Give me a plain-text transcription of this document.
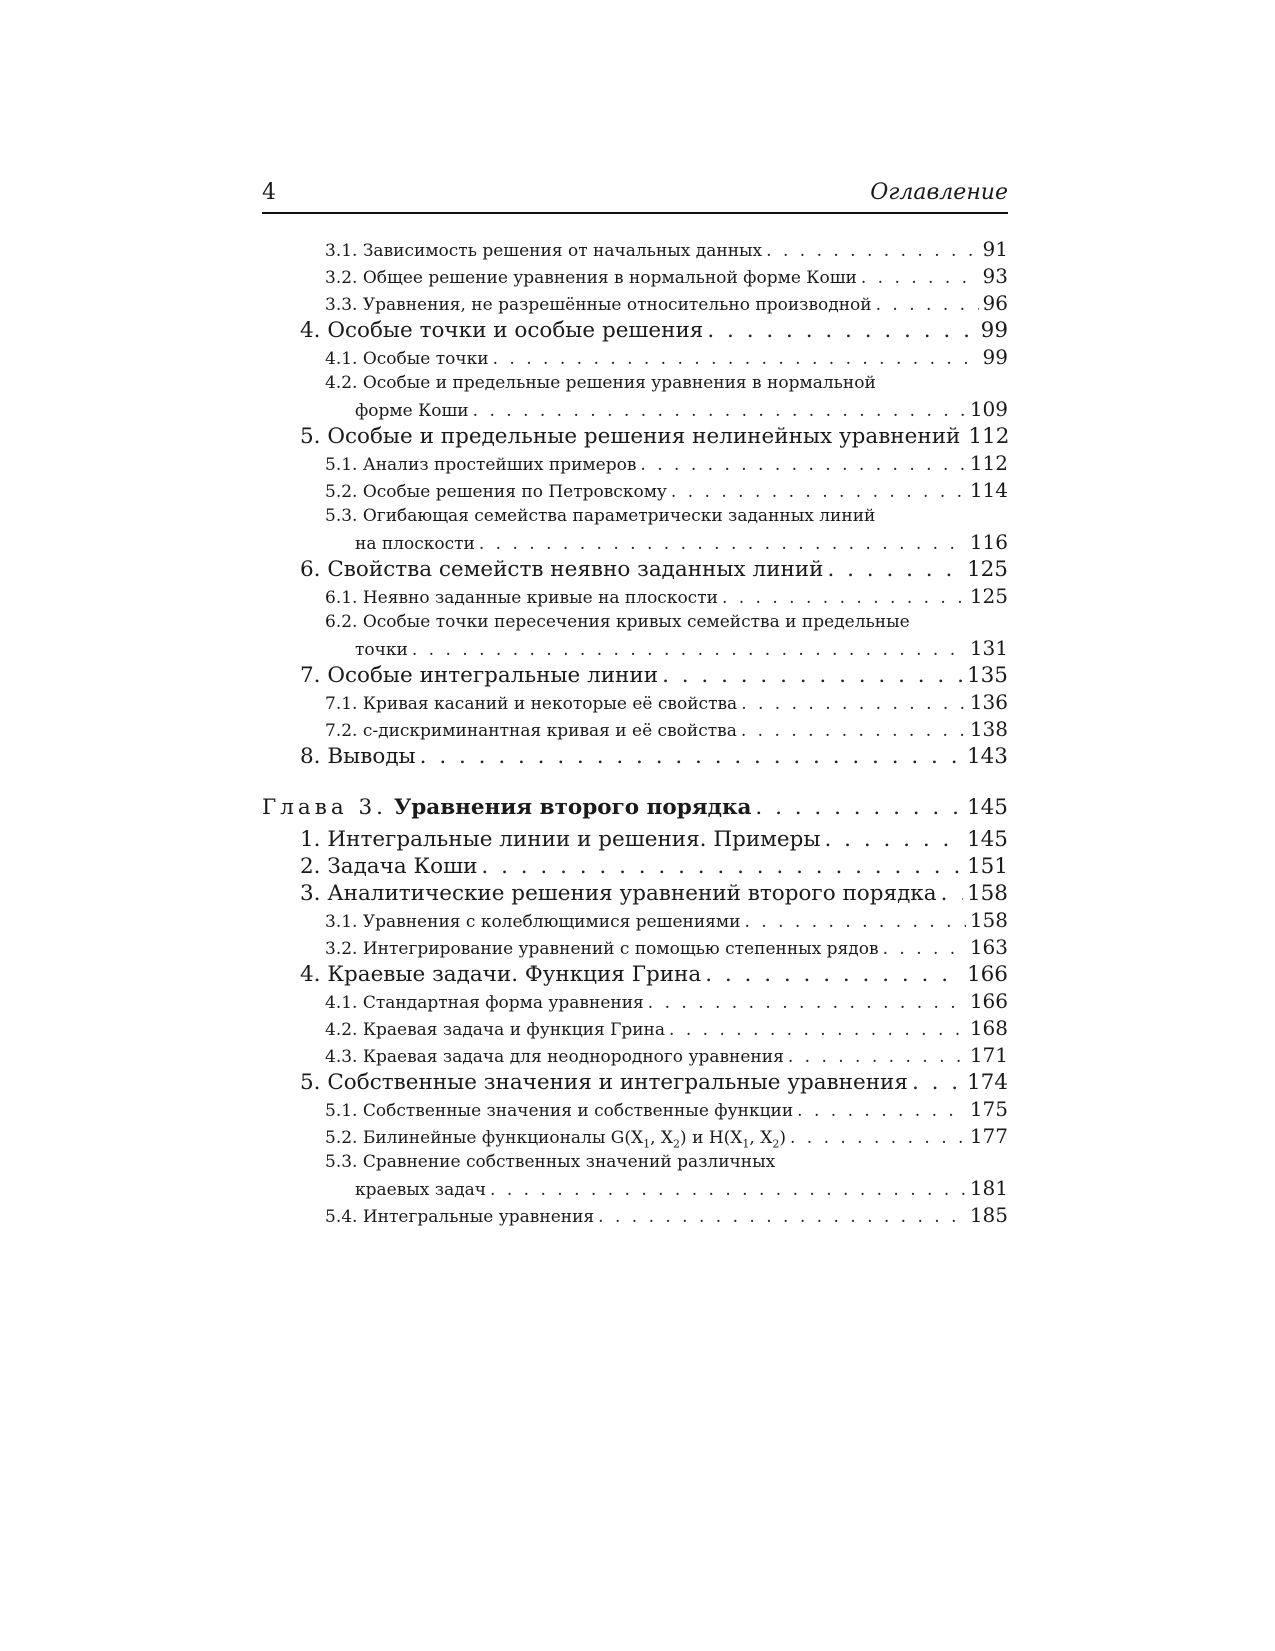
4	Оглавление
3.1. Зависимость решения от начальных данных . . .	91
3.2. Общее решение уравнения в нормальной форме Коши . . .	93
3.3. Уравнения, не разрешённые относительно производной . . .	96
4. Особые точки и особые решения . . .	99
4.1. Особые точки . . .	99
4.2. Особые и предельные решения уравнения в нормальной
форме Коши . . .	109
5. Особые и предельные решения нелинейных уравнений 112
5.1. Анализ простейших примеров . . .	112
5.2. Особые решения по Петровскому . . .	114
5.3. Огибающая семейства параметрически заданных линий
на плоскости . . .	116
6. Свойства семейств неявно заданных линий . . .	125
6.1. Неявно заданные кривые на плоскости . . .	125
6.2. Особые точки пересечения кривых семейства и предельные
точки . . .	131
7. Особые интегральные линии . . .	135
7.1. Кривая касаний и некоторые её свойства . . .	136
7.2. c-дискриминантная кривая и её свойства . . .	138
8. Выводы . . .	143
Глава 3. Уравнения второго порядка . . .	145
1. Интегральные линии и решения. Примеры . . .	145
2. Задача Коши . . .	151
3. Аналитические решения уравнений второго порядка . . . 158
3.1. Уравнения с колеблющимися решениями . . .	158
3.2. Интегрирование уравнений с помощью степенных рядов . . .	163
4. Краевые задачи. Функция Грина . . .	166
4.1. Стандартная форма уравнения . . .	166
4.2. Краевая задача и функция Грина . . .	168
4.3. Краевая задача для неоднородного уравнения . . .	171
5. Собственные значения и интегральные уравнения . . .	174
5.1. Собственные значения и собственные функции . . .	175
5.2. Билинейные функционалы $G(X_1$, $X_2$) и $H(X_1$, $X_2$) . . .	177
5.3. Сравнение собственных значений различных
краевых задач . . .	181
5.4. Интегральные уравнения . . .	185
